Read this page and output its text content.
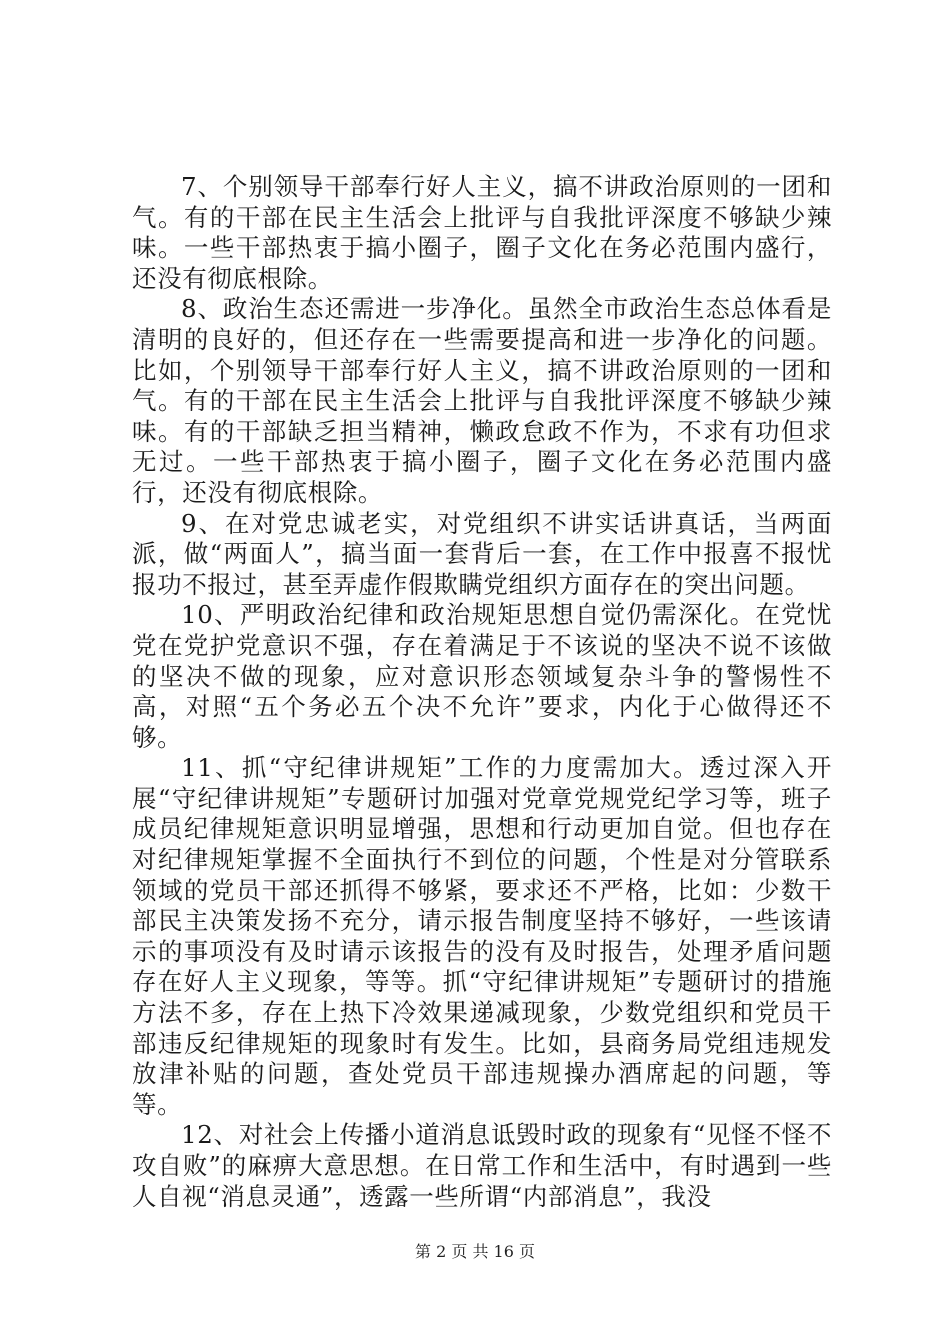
7、个别领导干部奉行好人主义，搞不讲政治原则的一团和气。有的干部在民主生活会上批评与自我批评深度不够缺少辣味。一些干部热衷于搞小圈子，圈子文化在务必范围内盛行，还没有彻底根除。

8、政治生态还需进一步净化。虽然全市政治生态总体看是清明的良好的，但还存在一些需要提高和进一步净化的问题。比如，个别领导干部奉行好人主义，搞不讲政治原则的一团和气。有的干部在民主生活会上批评与自我批评深度不够缺少辣味。有的干部缺乏担当精神，懒政怠政不作为，不求有功但求无过。一些干部热衷于搞小圈子，圈子文化在务必范围内盛行，还没有彻底根除。

9、在对党忠诚老实，对党组织不讲实话讲真话，当两面派，做“两面人”，搞当面一套背后一套，在工作中报喜不报忧报功不报过，甚至弄虚作假欺瞒党组织方面存在的突出问题。

10、严明政治纪律和政治规矩思想自觉仍需深化。在党忧党在党护党意识不强，存在着满足于不该说的坚决不说不该做的坚决不做的现象，应对意识形态领域复杂斗争的警惕性不高，对照“五个务必五个决不允许”要求，内化于心做得还不够。

11、抓“守纪律讲规矩”工作的力度需加大。透过深入开展“守纪律讲规矩”专题研讨加强对党章党规党纪学习等，班子成员纪律规矩意识明显增强，思想和行动更加自觉。但也存在对纪律规矩掌握不全面执行不到位的问题，个性是对分管联系领域的党员干部还抓得不够紧，要求还不严格，比如：少数干部民主决策发扬不充分，请示报告制度坚持不够好，一些该请示的事项没有及时请示该报告的没有及时报告，处理矛盾问题存在好人主义现象，等等。抓“守纪律讲规矩”专题研讨的措施方法不多，存在上热下冷效果递减现象，少数党组织和党员干部违反纪律规矩的现象时有发生。比如，县商务局党组违规发放津补贴的问题，查处党员干部违规操办酒席起的问题，等等。

12、对社会上传播小道消息诋毁时政的现象有“见怪不怪不攻自败”的麻痹大意思想。在日常工作和生活中，有时遇到一些人自视“消息灵通”，透露一些所谓“内部消息”，我没

第 2 页 共 16 页
